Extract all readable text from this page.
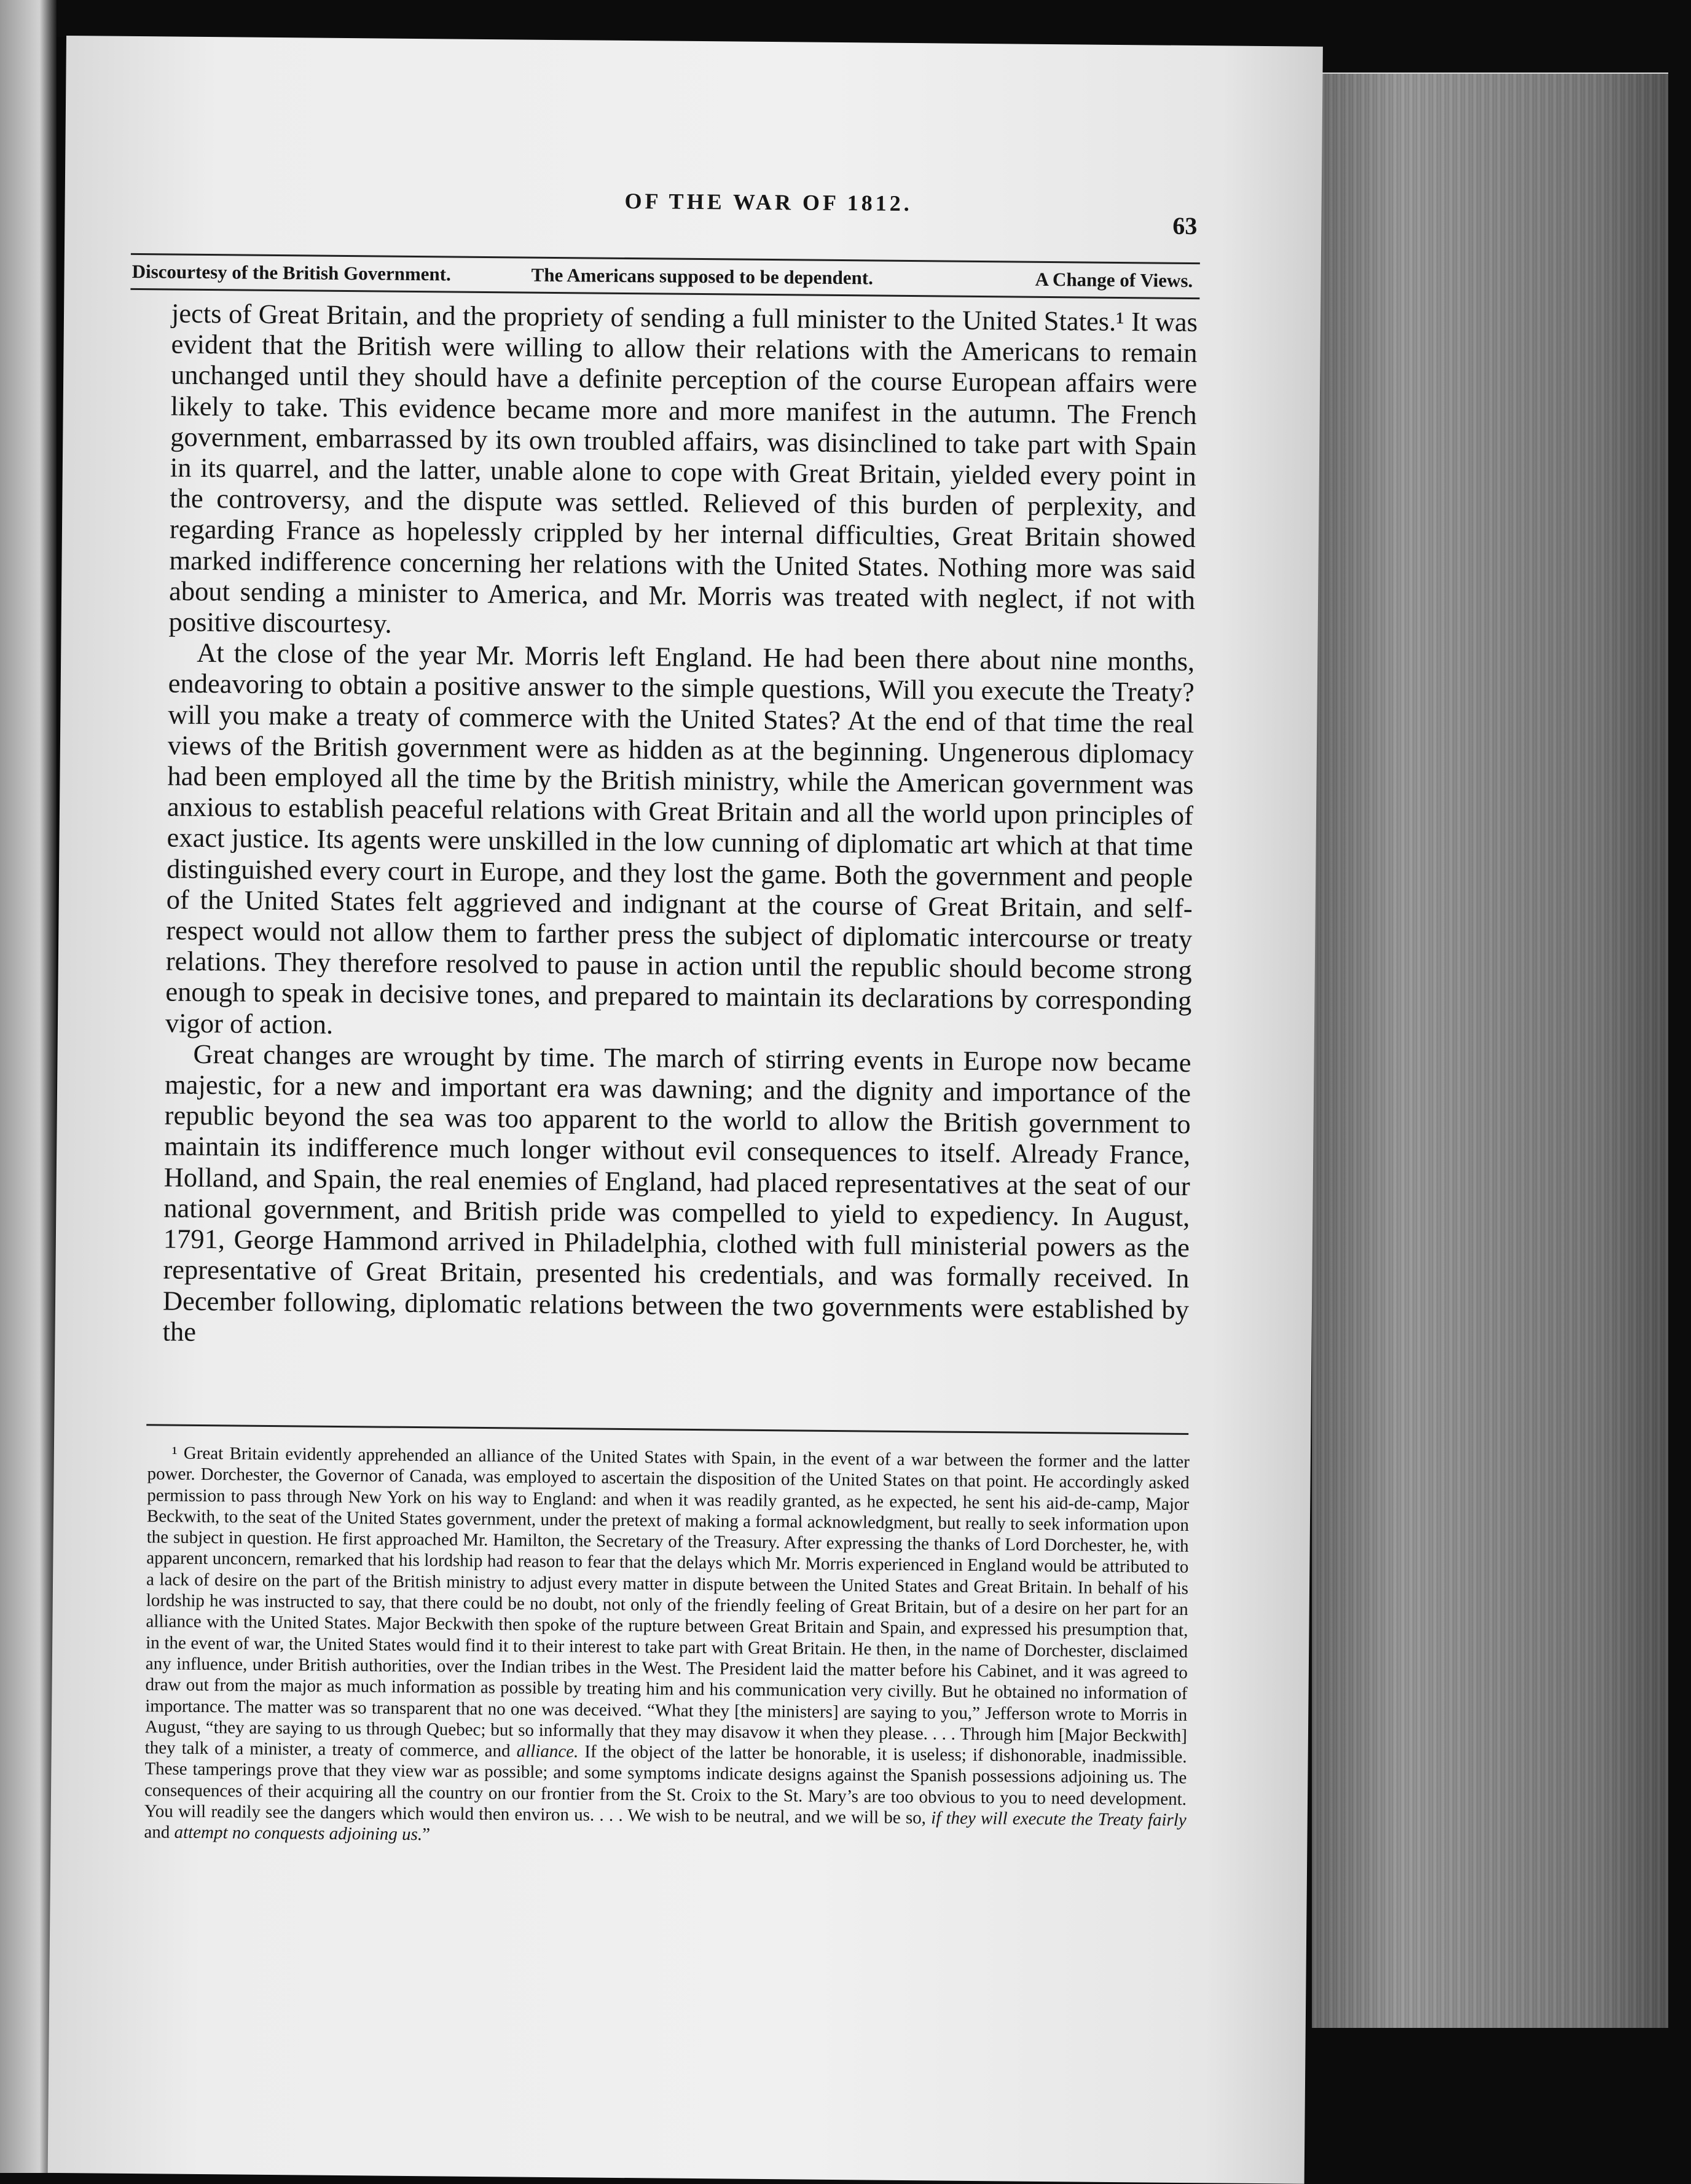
OF THE WAR OF 1812.
63
Discourtesy of the British Government.	The Americans supposed to be dependent.	A Change of Views.

jects of Great Britain, and the propriety of sending a full minister to the United States.¹ It was evident that the British were willing to allow their relations with the Americans to remain unchanged until they should have a definite perception of the course European affairs were likely to take. This evidence became more and more manifest in the autumn. The French government, embarrassed by its own troubled affairs, was disinclined to take part with Spain in its quarrel, and the latter, unable alone to cope with Great Britain, yielded every point in the controversy, and the dispute was settled. Relieved of this burden of perplexity, and regarding France as hopelessly crippled by her internal difficulties, Great Britain showed marked indifference concerning her relations with the United States. Nothing more was said about sending a minister to America, and Mr. Morris was treated with neglect, if not with positive discourtesy.

At the close of the year Mr. Morris left England. He had been there about nine months, endeavoring to obtain a positive answer to the simple questions, Will you execute the Treaty? will you make a treaty of commerce with the United States? At the end of that time the real views of the British government were as hidden as at the beginning. Ungenerous diplomacy had been employed all the time by the British ministry, while the American government was anxious to establish peaceful relations with Great Britain and all the world upon principles of exact justice. Its agents were unskilled in the low cunning of diplomatic art which at that time distinguished every court in Europe, and they lost the game. Both the government and people of the United States felt aggrieved and indignant at the course of Great Britain, and self-respect would not allow them to farther press the subject of diplomatic intercourse or treaty relations. They therefore resolved to pause in action until the republic should become strong enough to speak in decisive tones, and prepared to maintain its declarations by corresponding vigor of action.

Great changes are wrought by time. The march of stirring events in Europe now became majestic, for a new and important era was dawning; and the dignity and importance of the republic beyond the sea was too apparent to the world to allow the British government to maintain its indifference much longer without evil consequences to itself. Already France, Holland, and Spain, the real enemies of England, had placed representatives at the seat of our national government, and British pride was compelled to yield to expediency. In August, 1791, George Hammond arrived in Philadelphia, clothed with full ministerial powers as the representative of Great Britain, presented his credentials, and was formally received. In December following, diplomatic relations between the two governments were established by the

¹ Great Britain evidently apprehended an alliance of the United States with Spain, in the event of a war between the former and the latter power. Dorchester, the Governor of Canada, was employed to ascertain the disposition of the United States on that point. He accordingly asked permission to pass through New York on his way to England: and when it was readily granted, as he expected, he sent his aid-de-camp, Major Beckwith, to the seat of the United States government, under the pretext of making a formal acknowledgment, but really to seek information upon the subject in question. He first approached Mr. Hamilton, the Secretary of the Treasury. After expressing the thanks of Lord Dorchester, he, with apparent unconcern, remarked that his lordship had reason to fear that the delays which Mr. Morris experienced in England would be attributed to a lack of desire on the part of the British ministry to adjust every matter in dispute between the United States and Great Britain. In behalf of his lordship he was instructed to say, that there could be no doubt, not only of the friendly feeling of Great Britain, but of a desire on her part for an alliance with the United States. Major Beckwith then spoke of the rupture between Great Britain and Spain, and expressed his presumption that, in the event of war, the United States would find it to their interest to take part with Great Britain. He then, in the name of Dorchester, disclaimed any influence, under British authorities, over the Indian tribes in the West. The President laid the matter before his Cabinet, and it was agreed to draw out from the major as much information as possible by treating him and his communication very civilly. But he obtained no information of importance. The matter was so transparent that no one was deceived. “What they [the ministers] are saying to you,” Jefferson wrote to Morris in August, “they are saying to us through Quebec; but so informally that they may disavow it when they please. . . . Through him [Major Beckwith] they talk of a minister, a treaty of commerce, and alliance. If the object of the latter be honorable, it is useless; if dishonorable, inadmissible. These tamperings prove that they view war as possible; and some symptoms indicate designs against the Spanish possessions adjoining us. The consequences of their acquiring all the country on our frontier from the St. Croix to the St. Mary’s are too obvious to you to need development. You will readily see the dangers which would then environ us. . . . We wish to be neutral, and we will be so, if they will execute the Treaty fairly and attempt no conquests adjoining us.”
